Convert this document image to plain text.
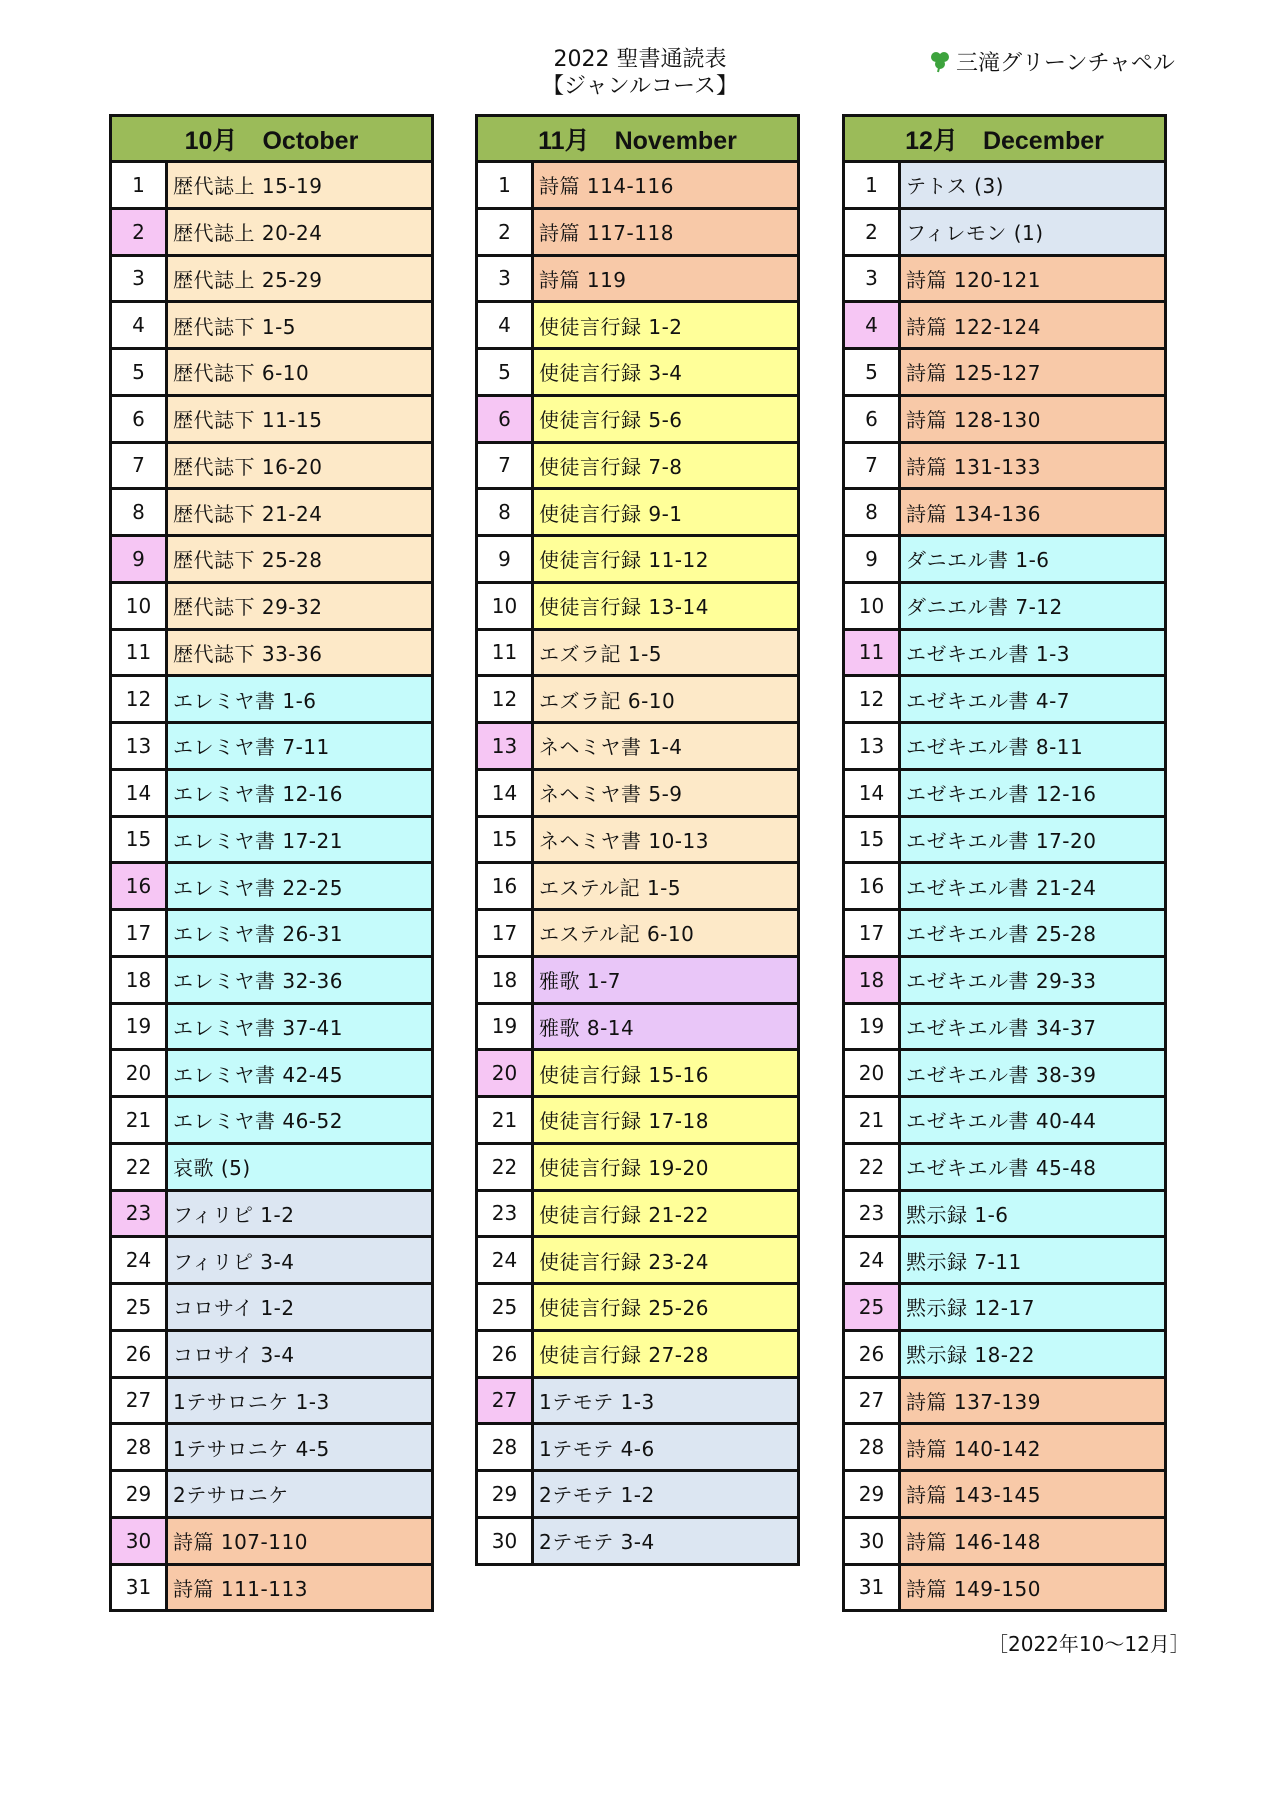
2022 聖書通読表
【ジャンルコース】
三滝グリーンチャペル
10月　October
1	歴代誌上 15-19
2	歴代誌上 20-24
3	歴代誌上 25-29
4	歴代誌下 1-5
5	歴代誌下 6-10
6	歴代誌下 11-15
7	歴代誌下 16-20
8	歴代誌下 21-24
9	歴代誌下 25-28
10	歴代誌下 29-32
11	歴代誌下 33-36
12	エレミヤ書 1-6
13	エレミヤ書 7-11
14	エレミヤ書 12-16
15	エレミヤ書 17-21
16	エレミヤ書 22-25
17	エレミヤ書 26-31
18	エレミヤ書 32-36
19	エレミヤ書 37-41
20	エレミヤ書 42-45
21	エレミヤ書 46-52
22	哀歌 (5)
23	フィリピ 1-2
24	フィリピ 3-4
25	コロサイ 1-2
26	コロサイ 3-4
27	1テサロニケ 1-3
28	1テサロニケ 4-5
29	2テサロニケ
30	詩篇 107-110
31	詩篇 111-113
11月　November
1	詩篇 114-116
2	詩篇 117-118
3	詩篇 119
4	使徒言行録 1-2
5	使徒言行録 3-4
6	使徒言行録 5-6
7	使徒言行録 7-8
8	使徒言行録 9-1
9	使徒言行録 11-12
10	使徒言行録 13-14
11	エズラ記 1-5
12	エズラ記 6-10
13	ネヘミヤ書 1-4
14	ネヘミヤ書 5-9
15	ネヘミヤ書 10-13
16	エステル記 1-5
17	エステル記 6-10
18	雅歌 1-7
19	雅歌 8-14
20	使徒言行録 15-16
21	使徒言行録 17-18
22	使徒言行録 19-20
23	使徒言行録 21-22
24	使徒言行録 23-24
25	使徒言行録 25-26
26	使徒言行録 27-28
27	1テモテ 1-3
28	1テモテ 4-6
29	2テモテ 1-2
30	2テモテ 3-4
12月　December
1	テトス (3)
2	フィレモン (1)
3	詩篇 120-121
4	詩篇 122-124
5	詩篇 125-127
6	詩篇 128-130
7	詩篇 131-133
8	詩篇 134-136
9	ダニエル書 1-6
10	ダニエル書 7-12
11	エゼキエル書 1-3
12	エゼキエル書 4-7
13	エゼキエル書 8-11
14	エゼキエル書 12-16
15	エゼキエル書 17-20
16	エゼキエル書 21-24
17	エゼキエル書 25-28
18	エゼキエル書 29-33
19	エゼキエル書 34-37
20	エゼキエル書 38-39
21	エゼキエル書 40-44
22	エゼキエル書 45-48
23	黙示録 1-6
24	黙示録 7-11
25	黙示録 12-17
26	黙示録 18-22
27	詩篇 137-139
28	詩篇 140-142
29	詩篇 143-145
30	詩篇 146-148
31	詩篇 149-150
［2022年10～12月］
